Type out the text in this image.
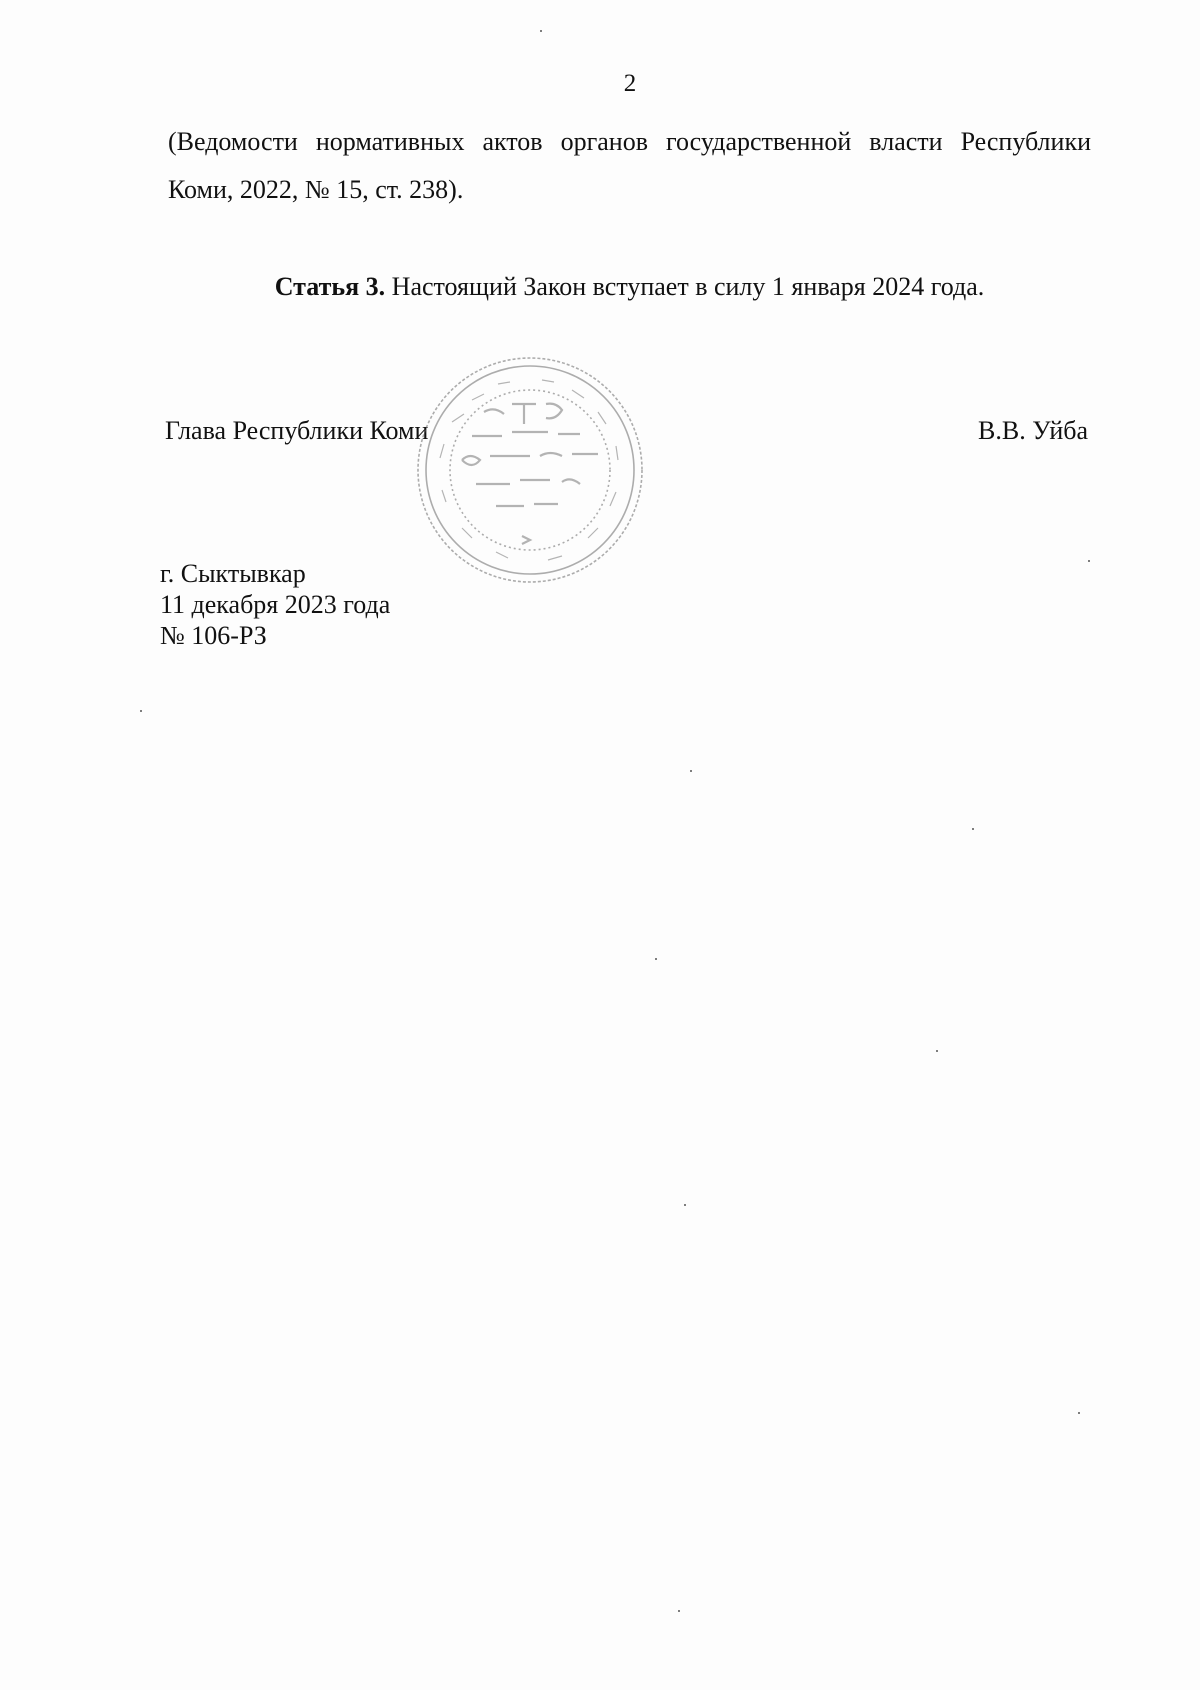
2
(Ведомости нормативных актов органов государственной власти Республики Коми, 2022, № 15, ст. 238).
Статья 3. Настоящий Закон вступает в силу 1 января 2024 года.
Глава Республики Коми	В.В. Уйба
г. Сыктывкар
11 декабря 2023 года
№ 106-РЗ
